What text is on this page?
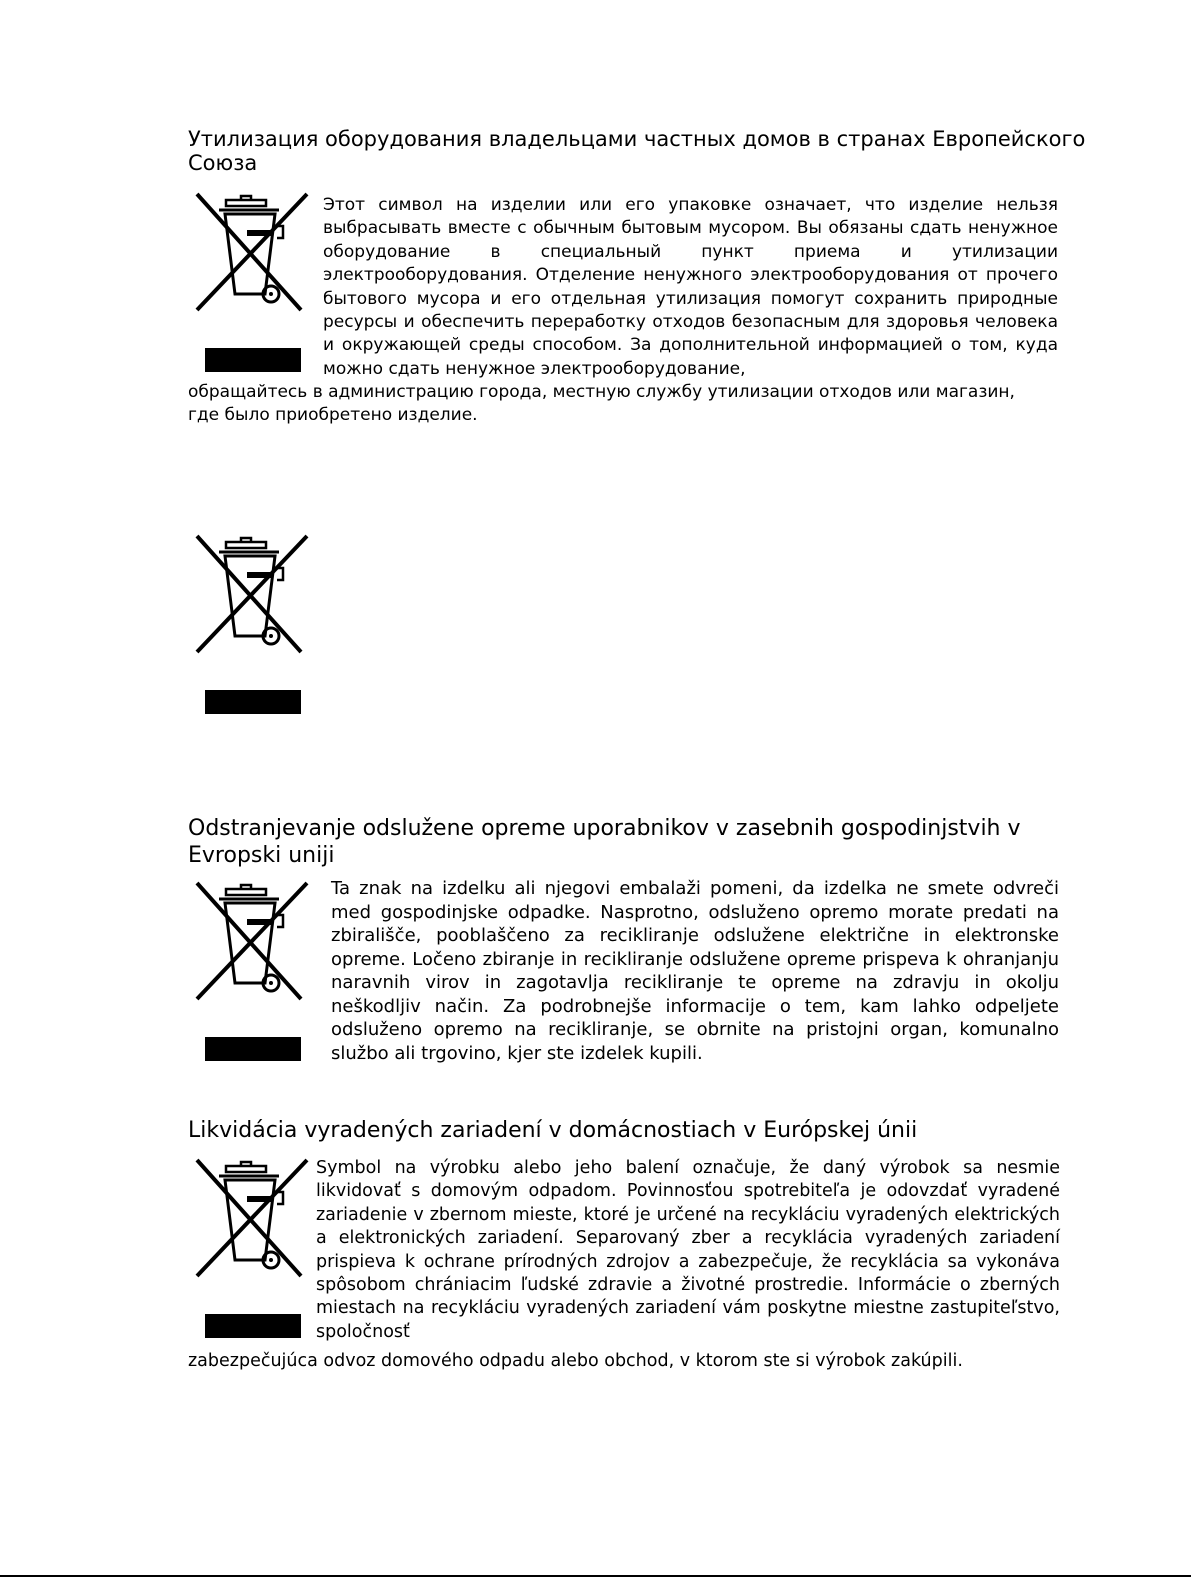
Утилизация оборудования владельцами частных домов в странах Европейского Союза

Этот символ на изделии или его упаковке означает, что изделие нельзя выбрасывать вместе с обычным бытовым мусором. Вы обязаны сдать ненужное оборудование в специальный пункт приема и утилизации электрооборудования. Отделение ненужного электрооборудования от прочего бытового мусора и его отдельная утилизация помогут сохранить природные ресурсы и обеспечить переработку отходов безопасным для здоровья человека и окружающей среды способом. За дополнительной информацией о том, куда можно сдать ненужное электрооборудование,

обращайтесь в администрацию города, местную службу утилизации отходов или магазин, где было приобретено изделие.

Odstranjevanje odslužene opreme uporabnikov v zasebnih gospodinjstvih v Evropski uniji

Ta znak na izdelku ali njegovi embalaži pomeni, da izdelka ne smete odvreči med gospodinjske odpadke. Nasprotno, odsluženo opremo morate predati na zbirališče, pooblaščeno za recikliranje odslužene električne in elektronske opreme. Ločeno zbiranje in recikliranje odslužene opreme prispeva k ohranjanju naravnih virov in zagotavlja recikliranje te opreme na zdravju in okolju neškodljiv način. Za podrobnejše informacije o tem, kam lahko odpeljete odsluženo opremo na recikliranje, se obrnite na pristojni organ, komunalno službo ali trgovino, kjer ste izdelek kupili.

Likvidácia vyradených zariadení v domácnostiach v Európskej únii

Symbol na výrobku alebo jeho balení označuje, že daný výrobok sa nesmie likvidovať s domovým odpadom. Povinnosťou spotrebiteľa je odovzdať vyradené zariadenie v zbernom mieste, ktoré je určené na recykláciu vyradených elektrických a elektronických zariadení. Separovaný zber a recyklácia vyradených zariadení prispieva k ochrane prírodných zdrojov a zabezpečuje, že recyklácia sa vykonáva spôsobom chrániacim ľudské zdravie a životné prostredie. Informácie o zberných miestach na recykláciu vyradených zariadení vám poskytne miestne zastupiteľstvo, spoločnosť

zabezpečujúca odvoz domového odpadu alebo obchod, v ktorom ste si výrobok zakúpili.
